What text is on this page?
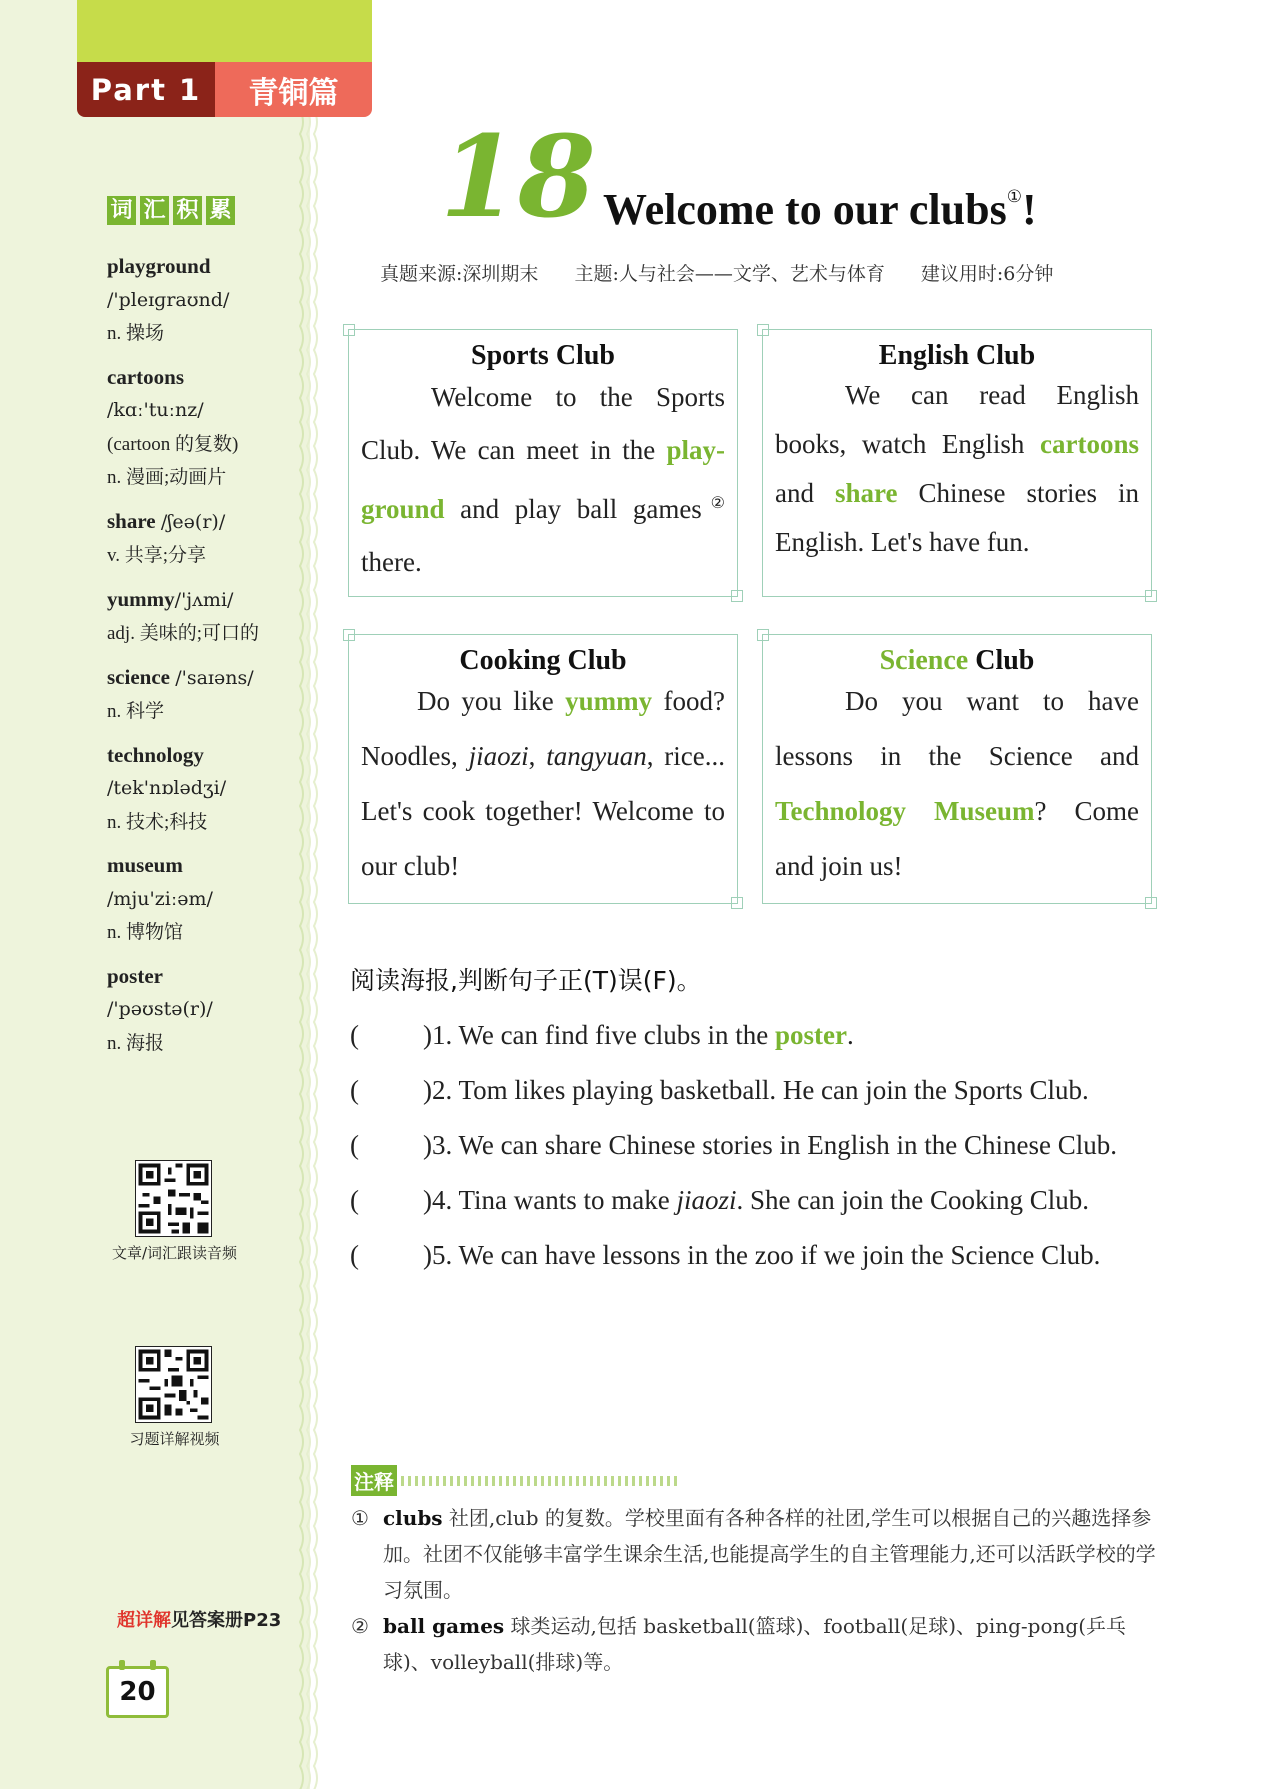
Part 1	青铜篇
词 汇 积 累
playground
/'pleɪɡraʊnd/
n. 操场
cartoons
/kɑː'tuːnz/
(cartoon 的复数)
n. 漫画;动画片
share /ʃeə(r)/
v. 共享;分享
yummy/'jʌmi/
adj. 美味的;可口的
science /'saɪəns/
n. 科学
technology
/tek'nɒlədʒi/
n. 技术;科技
museum
/mju'ziːəm/
n. 博物馆
poster
/'pəʊstə(r)/
n. 海报
文章/词汇跟读音频
习题详解视频
超详解见答案册P23
20
18 Welcome to our clubs①!
真题来源:深圳期末 主题:人与社会——文学、艺术与体育 建议用时:6分钟
Sports Club

Welcome to the Sports Club. We can meet in the play-ground and play ball games② there.

English Club

We can read English books, watch English cartoons and share Chinese stories in English. Let's have fun.

Cooking Club

Do you like yummy food? Noodles, jiaozi, tangyuan, rice... Let's cook together! Welcome to our club!

Science Club

Do you want to have lessons in the Science and Technology Museum? Come and join us!

阅读海报,判断句子正(T)误(F)。
(	)1. We can find five clubs in the poster.
(	)2. Tom likes playing basketball. He can join the Sports Club.
(	)3. We can share Chinese stories in English in the Chinese Club.
(	)4. Tina wants to make jiaozi. She can join the Cooking Club.
(	)5. We can have lessons in the zoo if we join the Science Club.
注释
① clubs 社团,club 的复数。学校里面有各种各样的社团,学生可以根据自己的兴趣选择参加。社团不仅能够丰富学生课余生活,也能提高学生的自主管理能力,还可以活跃学校的学习氛围。
② ball games 球类运动,包括 basketball(篮球)、football(足球)、ping-pong(乒乓球)、volleyball(排球)等。
